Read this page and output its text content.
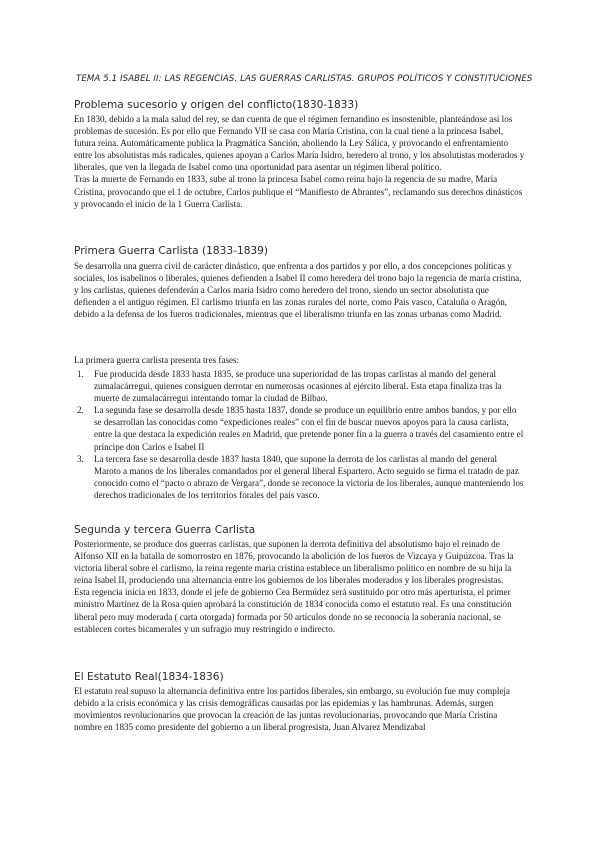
TEMA 5.1 ISABEL II: LAS REGENCIAS. LAS GUERRAS CARLISTAS. GRUPOS POLÍTICOS Y CONSTITUCIONES
Problema sucesorio y origen del conflicto(1830-1833)

En 1830, debido a la mala salud del rey, se dan cuenta de que el régimen fernandino es insostenible, planteándose así los problemas de sucesión. Es por ello que Fernando VII se casa con María Cristina, con la cual tiene a la princesa Isabel, futura reina. Automáticamente publica la Pragmática Sanción, aboliendo la Ley Sálica, y provocando el enfrentamiento entre los absolutistas más radicales, quienes apoyan a Carlos María Isidro, heredero al trono, y los absolutistas moderados y liberales, que ven la llegada de Isabel como una oportunidad para asentar un régimen liberal político.

Tras la muerte de Fernando en 1833, sube al trono la princesa Isabel como reina bajo la regencia de su madre, María Cristina, provocando que el 1 de octubre, Carlos publique el “Manifiesto de Abrantes”, reclamando sus derechos dinásticos y provocando el inicio de la 1 Guerra Carlista.

Primera Guerra Carlista (1833-1839)

Se desarrolla una guerra civil de carácter dinástico, que enfrenta a dos partidos y por ello, a dos concepciones políticas y sociales, los isabelinos o liberales, quienes defienden a Isabel II como heredera del trono bajo la regencia de maría cristina, y los carlistas, quienes defenderán a Carlos maría Isidro como heredero del trono, siendo un sector absolutista que defienden a el antiguo régimen. El carlismo triunfa en las zonas rurales del norte, como País vasco, Cataluña o Aragón, debido a la defensa de los fueros tradicionales, mientras que el liberalismo triunfa en las zonas urbanas como Madrid.

La primera guerra carlista presenta tres fases:

1. Fue producida desde 1833 hasta 1835, se produce una superioridad de las tropas carlistas al mando del general zumalacárregui, quienes consiguen derrotar en numerosas ocasiones al ejército liberal. Esta etapa finaliza tras la muerte de zumalacárregui intentando tomar la ciudad de Bilbao.
2. La segunda fase se desarrolla desde 1835 hasta 1837, donde se produce un equilibrio entre ambos bandos, y por ello se desarrollan las conocidas como “expediciones reales” con el fin de buscar nuevos apoyos para la causa carlista, entre la que destaca la expedición reales en Madrid, que pretende poner fin a la guerra a través del casamiento entre el príncipe don Carlos e Isabel II
3. La tercera fase se desarrolla desde 1837 hasta 1840, que supone la derrota de los carlistas al mando del general Maroto a manos de los liberales comandados por el general liberal Espartero. Acto seguido se firma el tratado de paz conocido como el “pacto o abrazo de Vergara”, donde se reconoce la victoria de los liberales, aunque manteniendo los derechos tradicionales de los territorios forales del país vasco.
Segunda y tercera Guerra Carlista

Posteriormente, se produce dos guerras carlistas, que suponen la derrota definitiva del absolutismo bajo el reinado de Alfonso XII en la batalla de somorrostro en 1876, provocando la abolición de los fueros de Vizcaya y Guipúzcoa. Tras la victoria liberal sobre el carlismo, la reina regente maria cristina establece un liberalismo político en nombre de su hija la reina Isabel II, produciendo una alternancia entre los gobiernos de los liberales moderados y los liberales progresistas.

Esta regencia inicia en 1833, donde el jefe de gobierno Cea Bermúdez será sustituido por otro más aperturista, el primer ministro Martínez de la Rosa quien aprobará la constitución de 1834 conocida como el estatuto real. Es una constitución liberal pero muy moderada ( carta otorgada) formada por 50 artículos donde no se reconocía la soberanía nacional, se establecen cortes bicamerales y un sufragio muy restringido e indirecto.

El Estatuto Real(1834-1836)

El estatuto real supuso la alternancia definitiva entre los partidos liberales, sin embargo, su evolución fue muy compleja debido a la crisis económica y las crisis demográficas causadas por las epidemias y las hambrunas. Además, surgen movimientos revolucionarios que provocan la creación de las juntas revolucionarias, provocando que María Cristina nombre en 1835 como presidente del gobierno a un liberal progresista, Juan Alvarez Mendizabal
